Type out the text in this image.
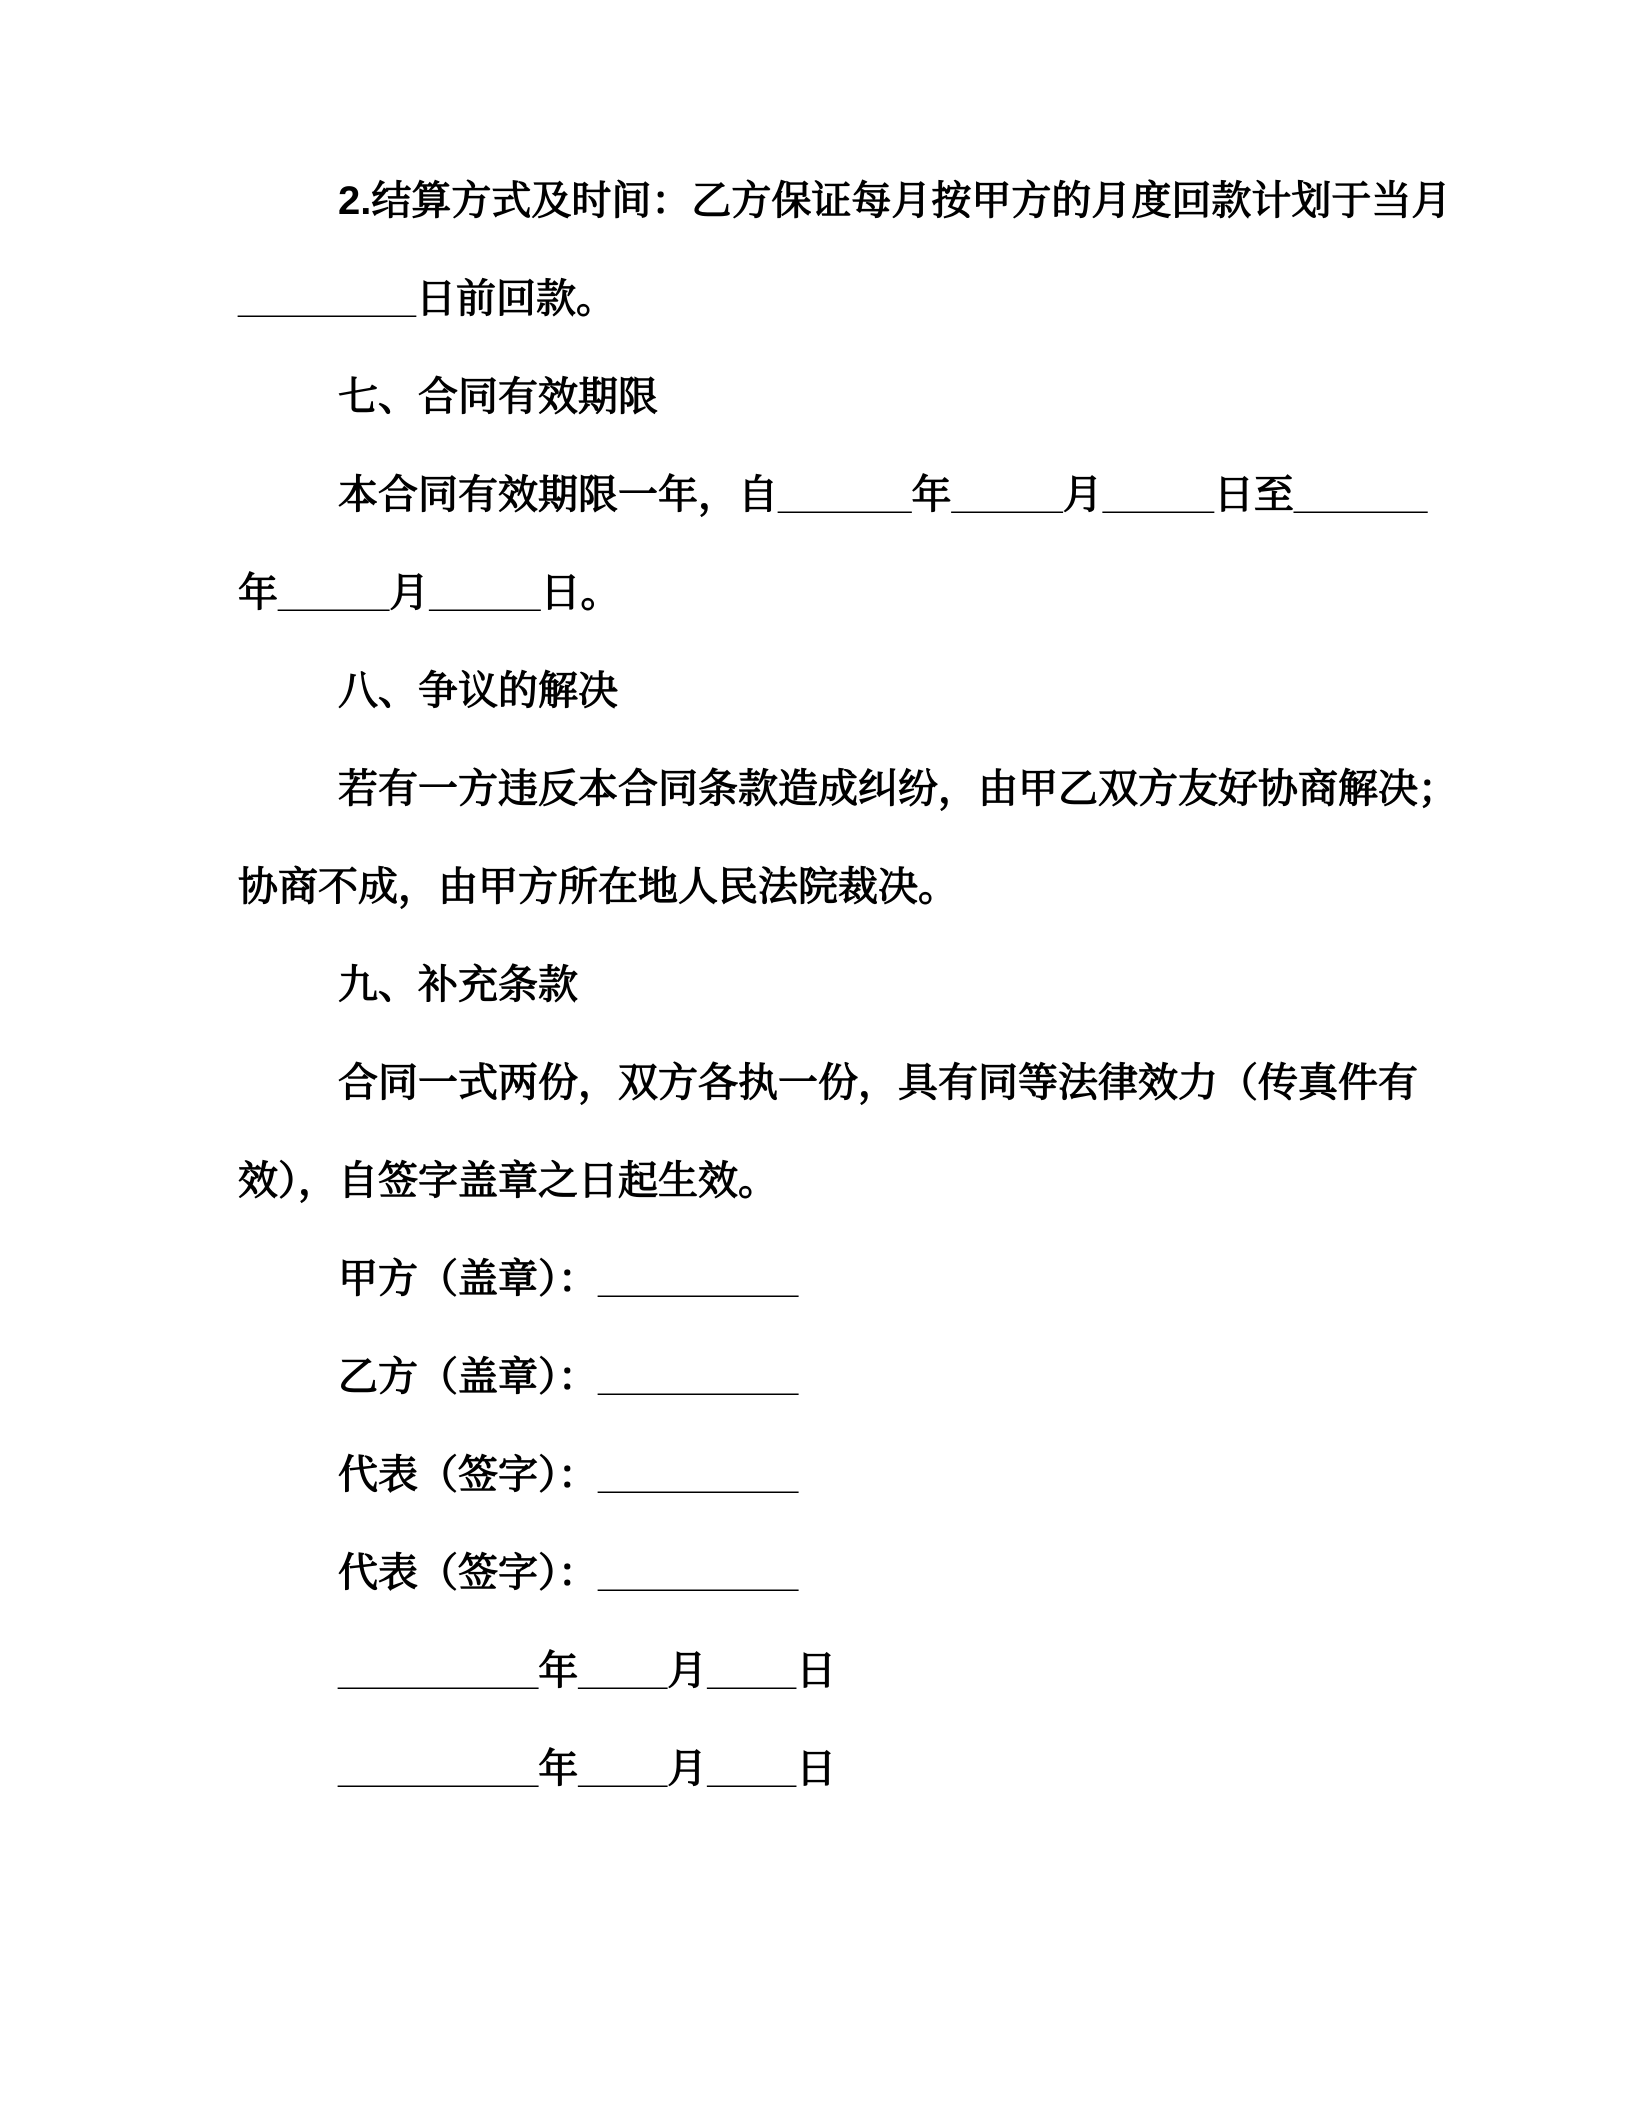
2.结算方式及时间：乙方保证每月按甲方的月度回款计划于当月
________日前回款。
七、合同有效期限
本合同有效期限一年，自______年_____月_____日至______
年_____月_____日。
八、争议的解决
若有一方违反本合同条款造成纠纷，由甲乙双方友好协商解决；
协商不成，由甲方所在地人民法院裁决。
九、补充条款
合同一式两份，双方各执一份，具有同等法律效力（传真件有
效），自签字盖章之日起生效。
甲方（盖章）：_________
乙方（盖章）：_________
代表（签字）：_________
代表（签字）：_________
_________年____月____日
_________年____月____日
